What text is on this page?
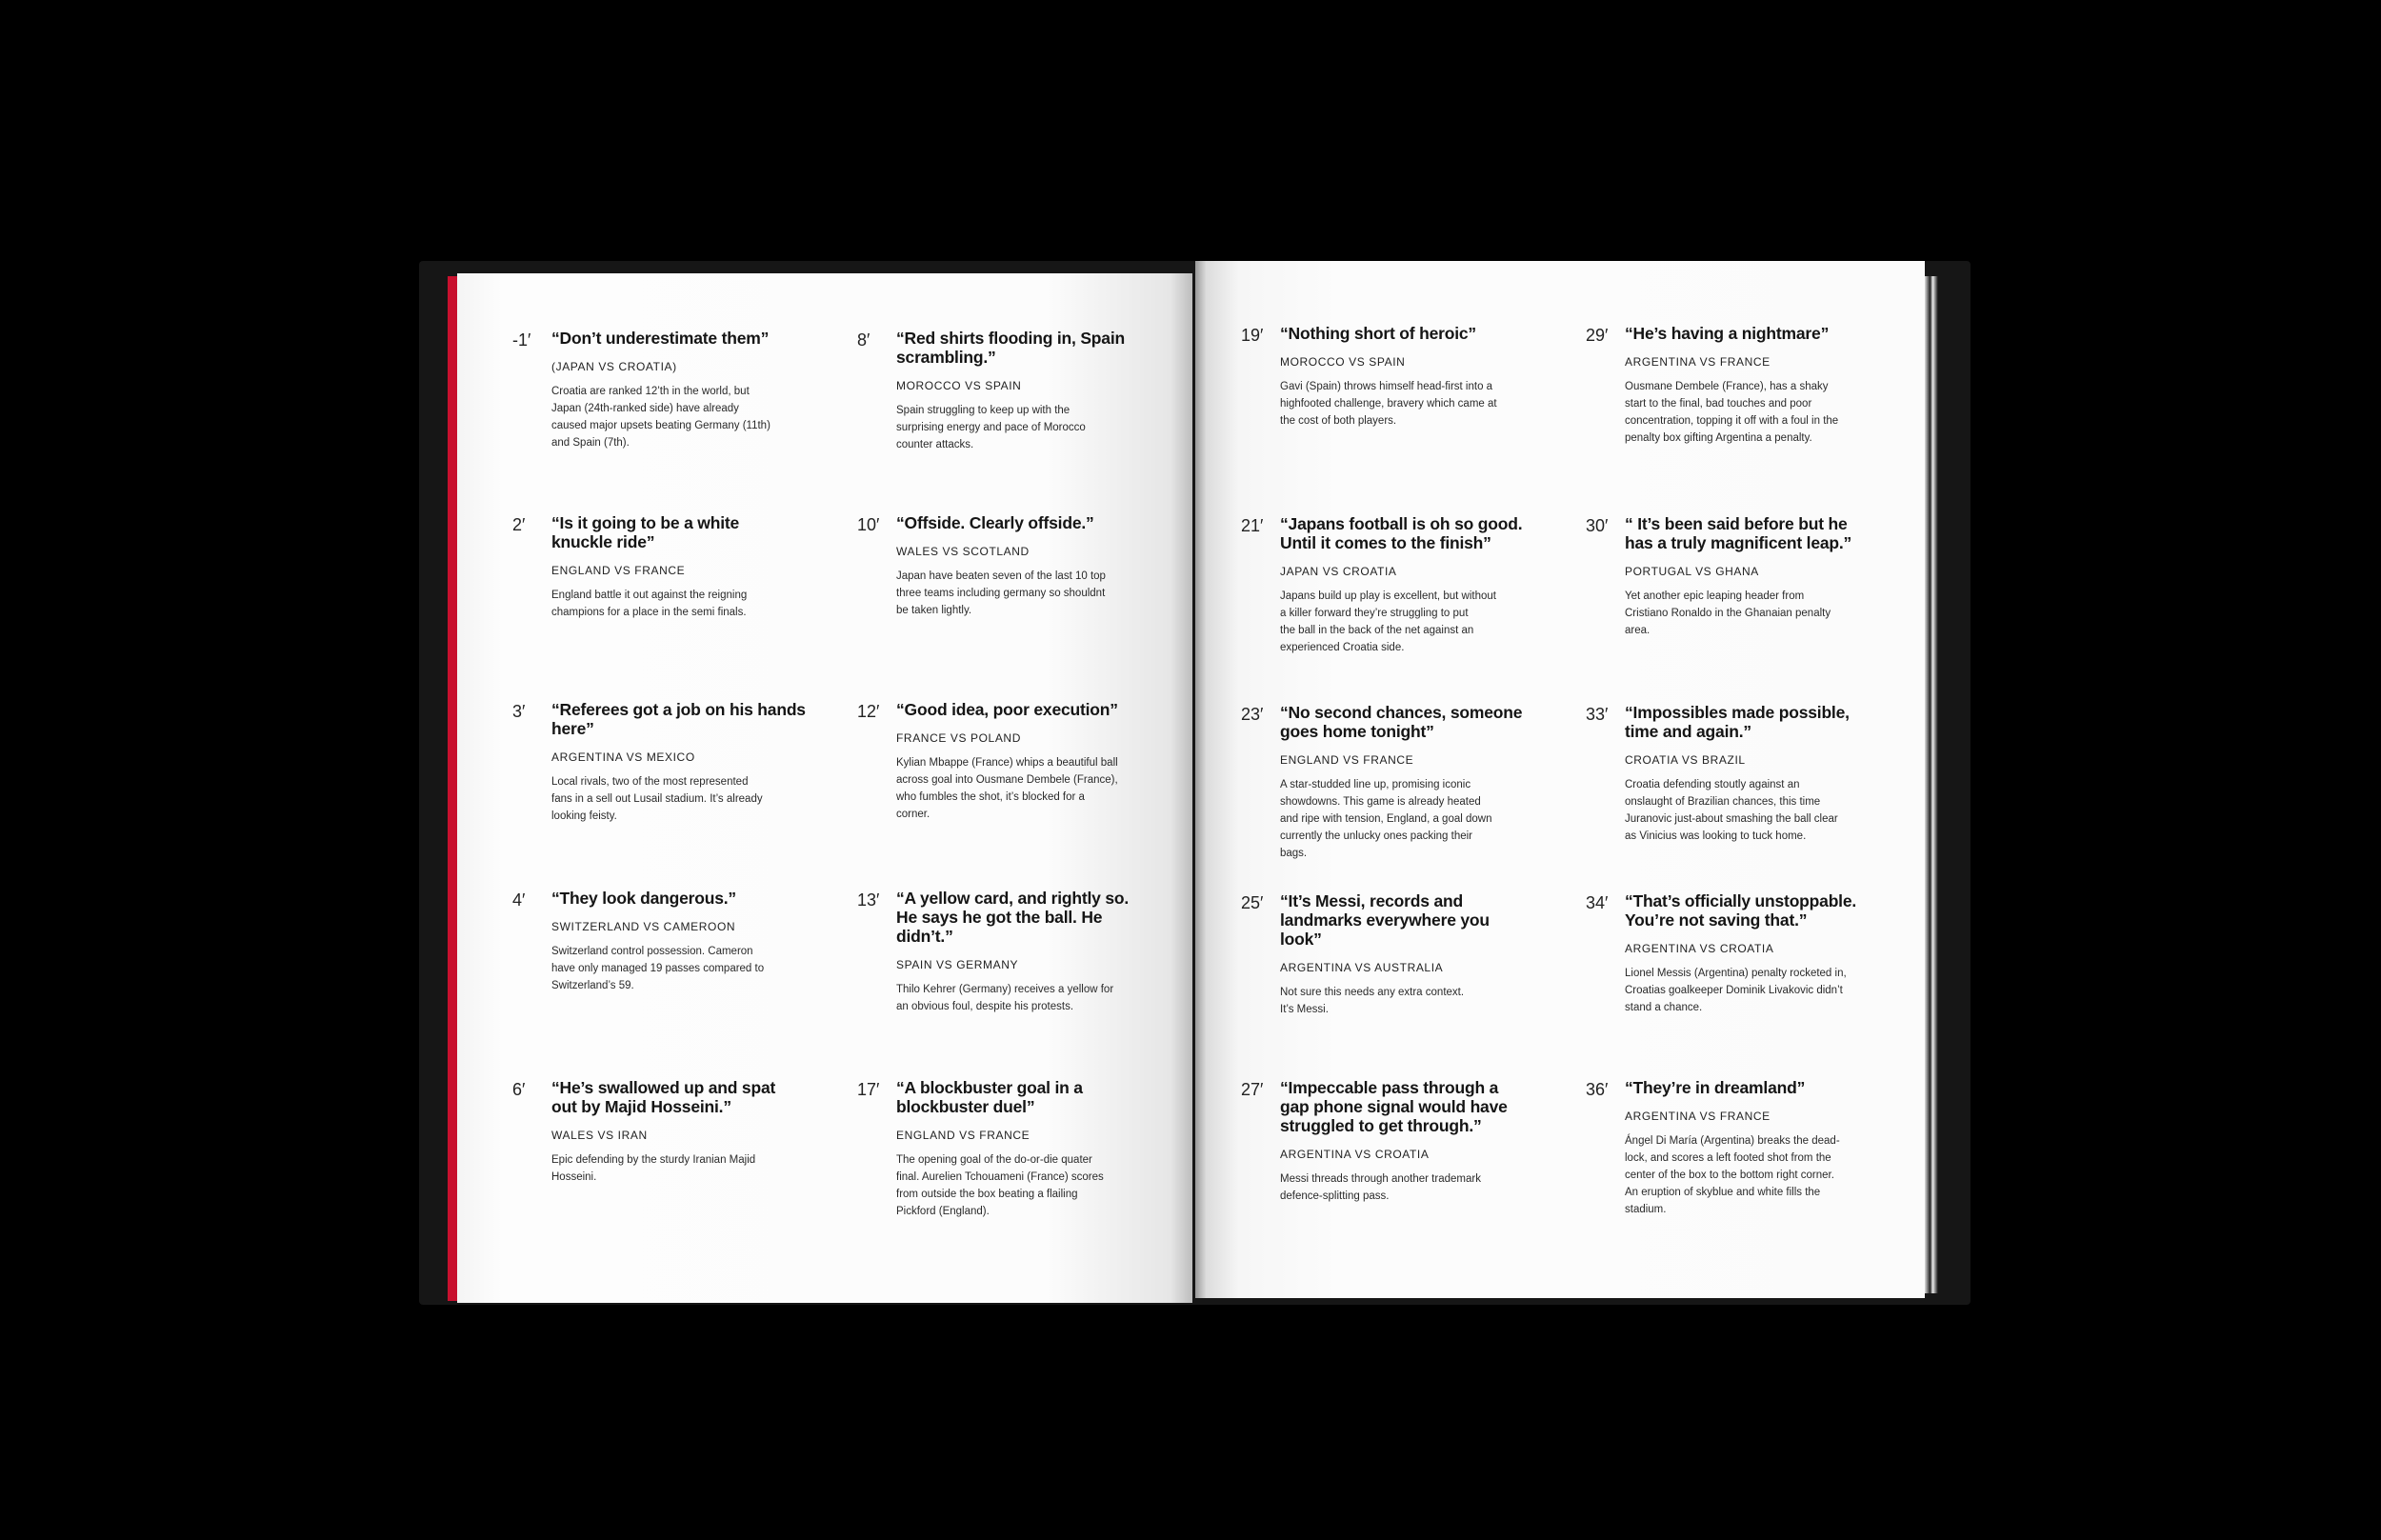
-1′ “Don’t underestimate them”
(JAPAN VS CROATIA)
Croatia are ranked 12’th in the world, but
Japan (24th-ranked side) have already
caused major upsets beating Germany (11th)
and Spain (7th).
2′ “Is it going to be a white
knuckle ride”
ENGLAND VS FRANCE
England battle it out against the reigning
champions for a place in the semi finals.
3′ “Referees got a job on his hands
here”
ARGENTINA VS MEXICO
Local rivals, two of the most represented
fans in a sell out Lusail stadium. It’s already
looking feisty.
4′ “They look dangerous.”
SWITZERLAND VS CAMEROON
Switzerland control possession. Cameron
have only managed 19 passes compared to
Switzerland’s 59.
6′ “He’s swallowed up and spat
out by Majid Hosseini.”
WALES VS IRAN
Epic defending by the sturdy Iranian Majid
Hosseini.
8′ “Red shirts flooding in, Spain
scrambling.”
MOROCCO VS SPAIN
Spain struggling to keep up with the
surprising energy and pace of Morocco
counter attacks.
10′ “Offside. Clearly offside.”
WALES VS SCOTLAND
Japan have beaten seven of the last 10 top
three teams including germany so shouldnt
be taken lightly.
12′ “Good idea, poor execution”
FRANCE VS POLAND
Kylian Mbappe (France) whips a beautiful ball
across goal into Ousmane Dembele (France),
who fumbles the shot, it’s blocked for a
corner.
13′ “A yellow card, and rightly so.
He says he got the ball. He
didn’t.”
SPAIN VS GERMANY
Thilo Kehrer (Germany) receives a yellow for
an obvious foul, despite his protests.
17′ “A blockbuster goal in a
blockbuster duel”
ENGLAND VS FRANCE
The opening goal of the do-or-die quater
final. Aurelien Tchouameni (France) scores
from outside the box beating a flailing
Pickford (England).
19′ “Nothing short of heroic”
MOROCCO VS SPAIN
Gavi (Spain) throws himself head-first into a
highfooted challenge, bravery which came at
the cost of both players.
21′ “Japans football is oh so good.
Until it comes to the finish”
JAPAN VS CROATIA
Japans build up play is excellent, but without
a killer forward they’re struggling to put
the ball in the back of the net against an
experienced Croatia side.
23′ “No second chances, someone
goes home tonight”
ENGLAND VS FRANCE
A star-studded line up, promising iconic
showdowns. This game is already heated
and ripe with tension, England, a goal down
currently the unlucky ones packing their
bags.
25′ “It’s Messi, records and
landmarks everywhere you
look”
ARGENTINA VS AUSTRALIA
Not sure this needs any extra context.
It’s Messi.
27′ “Impeccable pass through a
gap phone signal would have
struggled to get through.”
ARGENTINA VS CROATIA
Messi threads through another trademark
defence-splitting pass.
29′ “He’s having a nightmare”
ARGENTINA VS FRANCE
Ousmane Dembele (France), has a shaky
start to the final, bad touches and poor
concentration, topping it off with a foul in the
penalty box gifting Argentina a penalty.
30′ “ It’s been said before but he
has a truly magnificent leap.”
PORTUGAL VS GHANA
Yet another epic leaping header from
Cristiano Ronaldo in the Ghanaian penalty
area.
33′ “Impossibles made possible,
time and again.”
CROATIA VS BRAZIL
Croatia defending stoutly against an
onslaught of Brazilian chances, this time
Juranovic just-about smashing the ball clear
as Vinicius was looking to tuck home.
34′ “That’s officially unstoppable.
You’re not saving that.”
ARGENTINA VS CROATIA
Lionel Messis (Argentina) penalty rocketed in,
Croatias goalkeeper Dominik Livakovic didn’t
stand a chance.
36′ “They’re in dreamland”
ARGENTINA VS FRANCE
Ángel Di María (Argentina) breaks the dead-
lock, and scores a left footed shot from the
center of the box to the bottom right corner.
An eruption of skyblue and white fills the
stadium.
